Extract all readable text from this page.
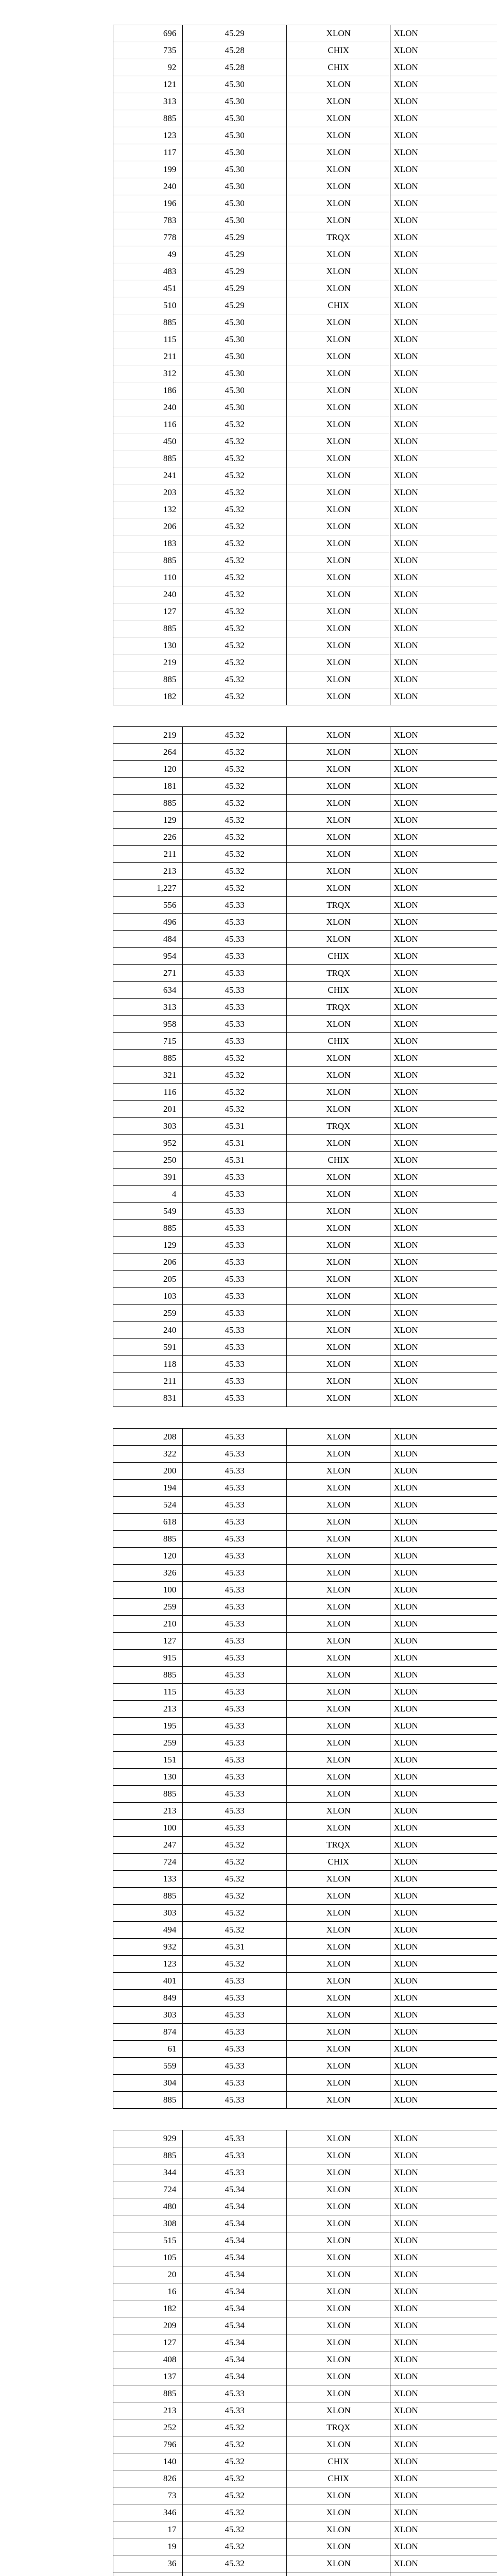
696	45.29	XLON	XLON
735	45.28	CHIX	XLON
92	45.28	CHIX	XLON
121	45.30	XLON	XLON
313	45.30	XLON	XLON
885	45.30	XLON	XLON
123	45.30	XLON	XLON
117	45.30	XLON	XLON
199	45.30	XLON	XLON
240	45.30	XLON	XLON
196	45.30	XLON	XLON
783	45.30	XLON	XLON
778	45.29	TRQX	XLON
49	45.29	XLON	XLON
483	45.29	XLON	XLON
451	45.29	XLON	XLON
510	45.29	CHIX	XLON
885	45.30	XLON	XLON
115	45.30	XLON	XLON
211	45.30	XLON	XLON
312	45.30	XLON	XLON
186	45.30	XLON	XLON
240	45.30	XLON	XLON
116	45.32	XLON	XLON
450	45.32	XLON	XLON
885	45.32	XLON	XLON
241	45.32	XLON	XLON
203	45.32	XLON	XLON
132	45.32	XLON	XLON
206	45.32	XLON	XLON
183	45.32	XLON	XLON
885	45.32	XLON	XLON
110	45.32	XLON	XLON
240	45.32	XLON	XLON
127	45.32	XLON	XLON
885	45.32	XLON	XLON
130	45.32	XLON	XLON
219	45.32	XLON	XLON
885	45.32	XLON	XLON
182	45.32	XLON	XLON
219	45.32	XLON	XLON
264	45.32	XLON	XLON
120	45.32	XLON	XLON
181	45.32	XLON	XLON
885	45.32	XLON	XLON
129	45.32	XLON	XLON
226	45.32	XLON	XLON
211	45.32	XLON	XLON
213	45.32	XLON	XLON
1,227	45.32	XLON	XLON
556	45.33	TRQX	XLON
496	45.33	XLON	XLON
484	45.33	XLON	XLON
954	45.33	CHIX	XLON
271	45.33	TRQX	XLON
634	45.33	CHIX	XLON
313	45.33	TRQX	XLON
958	45.33	XLON	XLON
715	45.33	CHIX	XLON
885	45.32	XLON	XLON
321	45.32	XLON	XLON
116	45.32	XLON	XLON
201	45.32	XLON	XLON
303	45.31	TRQX	XLON
952	45.31	XLON	XLON
250	45.31	CHIX	XLON
391	45.33	XLON	XLON
4	45.33	XLON	XLON
549	45.33	XLON	XLON
885	45.33	XLON	XLON
129	45.33	XLON	XLON
206	45.33	XLON	XLON
205	45.33	XLON	XLON
103	45.33	XLON	XLON
259	45.33	XLON	XLON
240	45.33	XLON	XLON
591	45.33	XLON	XLON
118	45.33	XLON	XLON
211	45.33	XLON	XLON
831	45.33	XLON	XLON
208	45.33	XLON	XLON
322	45.33	XLON	XLON
200	45.33	XLON	XLON
194	45.33	XLON	XLON
524	45.33	XLON	XLON
618	45.33	XLON	XLON
885	45.33	XLON	XLON
120	45.33	XLON	XLON
326	45.33	XLON	XLON
100	45.33	XLON	XLON
259	45.33	XLON	XLON
210	45.33	XLON	XLON
127	45.33	XLON	XLON
915	45.33	XLON	XLON
885	45.33	XLON	XLON
115	45.33	XLON	XLON
213	45.33	XLON	XLON
195	45.33	XLON	XLON
259	45.33	XLON	XLON
151	45.33	XLON	XLON
130	45.33	XLON	XLON
885	45.33	XLON	XLON
213	45.33	XLON	XLON
100	45.33	XLON	XLON
247	45.32	TRQX	XLON
724	45.32	CHIX	XLON
133	45.32	XLON	XLON
885	45.32	XLON	XLON
303	45.32	XLON	XLON
494	45.32	XLON	XLON
932	45.31	XLON	XLON
123	45.32	XLON	XLON
401	45.33	XLON	XLON
849	45.33	XLON	XLON
303	45.33	XLON	XLON
874	45.33	XLON	XLON
61	45.33	XLON	XLON
559	45.33	XLON	XLON
304	45.33	XLON	XLON
885	45.33	XLON	XLON
929	45.33	XLON	XLON
885	45.33	XLON	XLON
344	45.33	XLON	XLON
724	45.34	XLON	XLON
480	45.34	XLON	XLON
308	45.34	XLON	XLON
515	45.34	XLON	XLON
105	45.34	XLON	XLON
20	45.34	XLON	XLON
16	45.34	XLON	XLON
182	45.34	XLON	XLON
209	45.34	XLON	XLON
127	45.34	XLON	XLON
408	45.34	XLON	XLON
137	45.34	XLON	XLON
885	45.33	XLON	XLON
213	45.33	XLON	XLON
252	45.32	TRQX	XLON
796	45.32	XLON	XLON
140	45.32	CHIX	XLON
826	45.32	CHIX	XLON
73	45.32	XLON	XLON
346	45.32	XLON	XLON
17	45.32	XLON	XLON
19	45.32	XLON	XLON
36	45.32	XLON	XLON
